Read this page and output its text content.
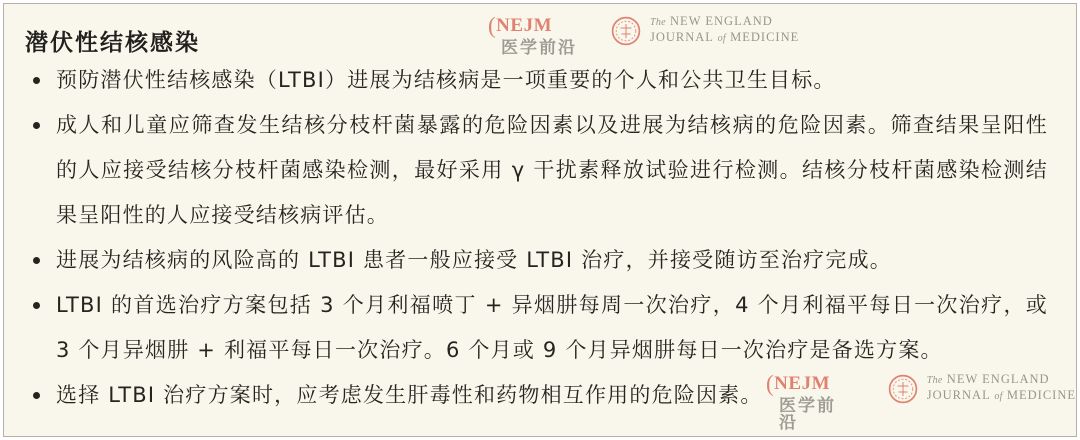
潜伏性结核感染
(NEJM
医学前沿
The NEW ENGLAND
JOURNAL of MEDICINE
预防潜伏性结核感染（LTBI）进展为结核病是一项重要的个人和公共卫生目标。
成人和儿童应筛查发生结核分枝杆菌暴露的危险因素以及进展为结核病的危险因素。筛查结果呈阳性的人应接受结核分枝杆菌感染检测，最好采用 γ 干扰素释放试验进行检测。结核分枝杆菌感染检测结果呈阳性的人应接受结核病评估。
进展为结核病的风险高的 LTBI 患者一般应接受 LTBI 治疗，并接受随访至治疗完成。
LTBI 的首选治疗方案包括 3 个月利福喷丁 + 异烟肼每周一次治疗，4 个月利福平每日一次治疗，或 3 个月异烟肼 + 利福平每日一次治疗。6 个月或 9 个月异烟肼每日一次治疗是备选方案。
选择 LTBI 治疗方案时，应考虑发生肝毒性和药物相互作用的危险因素。 (NEJM
医学前沿
The NEW ENGLAND
JOURNAL of MEDICINE
